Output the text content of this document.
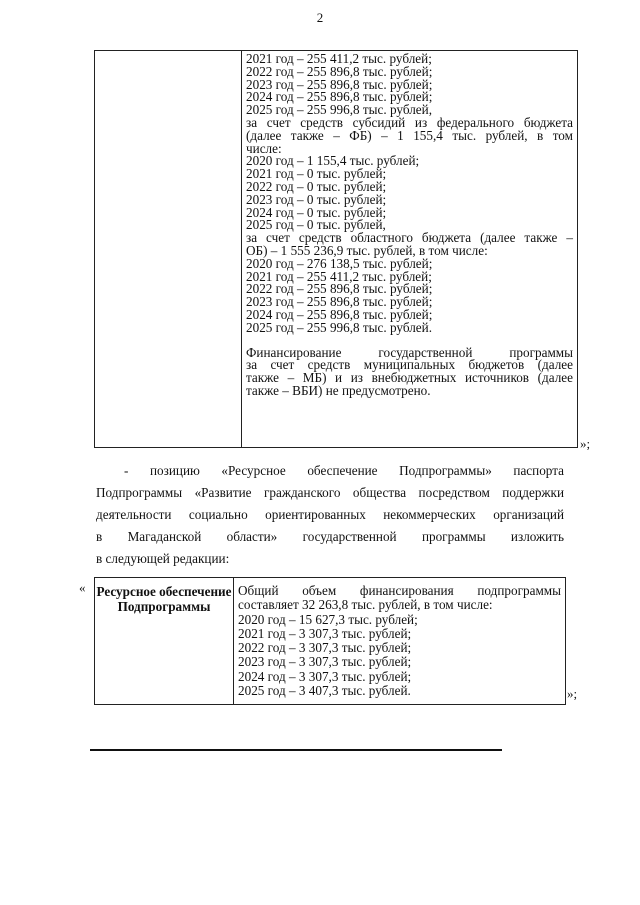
2
2021 год – 255 411,2 тыс. рублей;
2022 год – 255 896,8 тыс. рублей;
2023 год – 255 896,8 тыс. рублей;
2024 год – 255 896,8 тыс. рублей;
2025 год – 255 996,8 тыс. рублей,
за счет средств субсидий из федерального бюджета
(далее также – ФБ) – 1 155,4 тыс. рублей, в том
числе:
2020 год – 1 155,4 тыс. рублей;
2021 год – 0 тыс. рублей;
2022 год – 0 тыс. рублей;
2023 год – 0 тыс. рублей;
2024 год – 0 тыс. рублей;
2025 год – 0 тыс. рублей,
за счет средств областного бюджета (далее также –
ОБ) – 1 555 236,9 тыс. рублей, в том числе:
2020 год – 276 138,5 тыс. рублей;
2021 год – 255 411,2 тыс. рублей;
2022 год – 255 896,8 тыс. рублей;
2023 год – 255 896,8 тыс. рублей;
2024 год – 255 896,8 тыс. рублей;
2025 год – 255 996,8 тыс. рублей.
Финансирование государственной программы
за счет средств муниципальных бюджетов (далее
также – МБ) и из внебюджетных источников (далее
также – ВБИ) не предусмотрено.
»;
- позицию «Ресурсное обеспечение Подпрограммы» паспорта
Подпрограммы «Развитие гражданского общества посредством поддержки
деятельности социально ориентированных некоммерческих организаций
в Магаданской области» государственной программы изложить
в следующей редакции:
« Ресурсное обеспечение Подпрограммы
Общий объем финансирования подпрограммы
составляет 32 263,8 тыс. рублей, в том числе:
2020 год – 15 627,3 тыс. рублей;
2021 год – 3 307,3 тыс. рублей;
2022 год – 3 307,3 тыс. рублей;
2023 год – 3 307,3 тыс. рублей;
2024 год – 3 307,3 тыс. рублей;
2025 год – 3 407,3 тыс. рублей.	»;
